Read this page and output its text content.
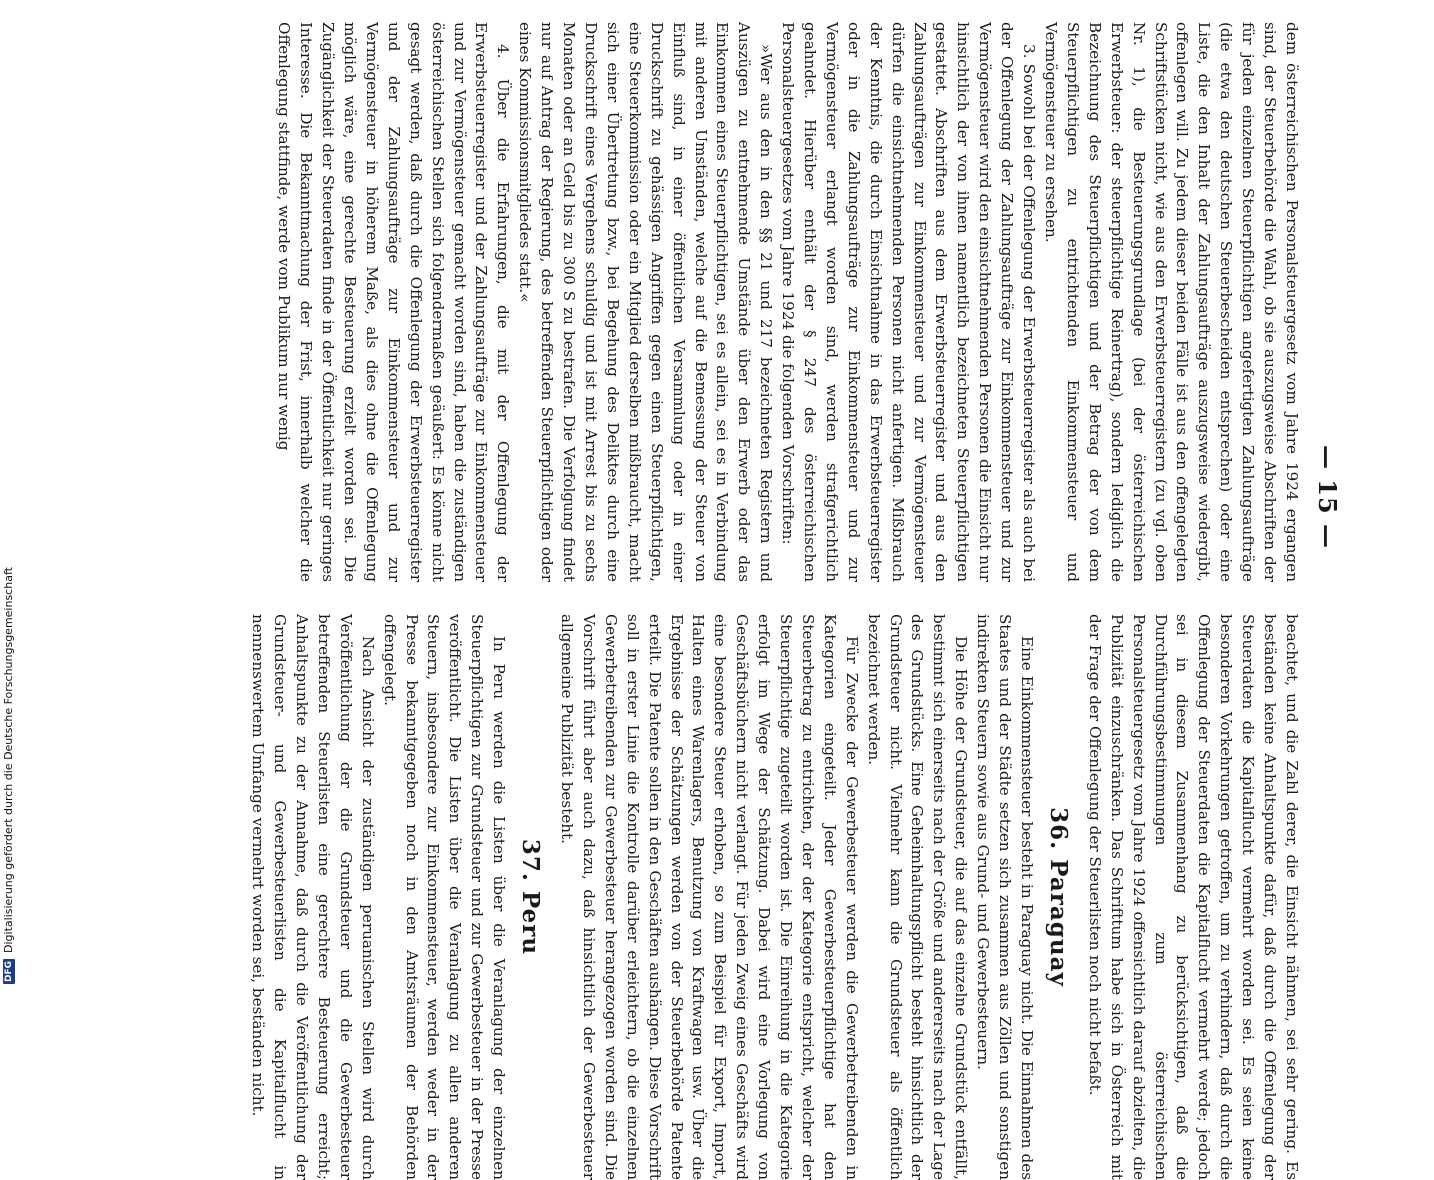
— 15 —

dem österreichischen Personalsteuergesetz vom Jahre 1924 ergangen sind, der Steuerbehörde die Wahl, ob sie auszugsweise Abschriften der für jeden einzelnen Steuerpflichtigen angefertigten Zahlungsaufträge (die etwa den deutschen Steuerbescheiden entsprechen) oder eine Liste, die den Inhalt der Zahlungsaufträge auszugsweise wiedergibt, offenlegen will. Zu jedem dieser beiden Fälle ist aus den offengelegten Schriftstücken nicht, wie aus den Erwerbsteuerregistern (zu vgl. oben Nr. 1), die Besteuerungsgrundlage (bei der österreichischen Erwerbsteuer: der steuerpflichtige Reinertrag), sondern lediglich die Bezeichnung des Steuerpflichtigen und der Betrag der von dem Steuerpflichtigen zu entrichtenden Einkommensteuer und Vermögensteuer zu ersehen.

3. Sowohl bei der Offenlegung der Erwerbsteuerregister als auch bei der Offenlegung der Zahlungsaufträge zur Einkommensteuer und zur Vermögensteuer wird den einsichtnehmenden Personen die Einsicht nur hinsichtlich der von ihnen namentlich bezeichneten Steuerpflichtigen gestattet. Abschriften aus dem Erwerbsteuerregister und aus den Zahlungsaufträgen zur Einkommensteuer und zur Vermögensteuer dürfen die einsichtnehmenden Personen nicht anfertigen. Mißbrauch der Kenntnis, die durch Einsichtnahme in das Erwerbsteuerregister oder in die Zahlungsaufträge zur Einkommensteuer und zur Vermögensteuer erlangt worden sind, werden strafgerichtlich geahndet. Hierüber enthält der § 247 des österreichischen Personalsteuergesetzes vom Jahre 1924 die folgenden Vorschriften:

»Wer aus den in den §§ 21 und 217 bezeichneten Registern und Auszügen zu entnehmende Umstände über den Erwerb oder das Einkommen eines Steuerpflichtigen, sei es allein, sei es in Verbindung mit anderen Umständen, welche auf die Bemessung der Steuer von Einfluß sind, in einer öffentlichen Versammlung oder in einer Druckschrift zu gehässigen Angriffen gegen einen Steuerpflichtigen, eine Steuerkommission oder ein Mitglied derselben mißbraucht, macht sich einer Übertretung bzw., bei Begehung des Deliktes durch eine Druckschrift eines Vergehens schuldig und ist mit Arrest bis zu sechs Monaten oder an Geld bis zu 300 S zu bestrafen. Die Verfolgung findet nur auf Antrag der Regierung, des betreffenden Steuerpflichtigen oder eines Kommissionsmitgliedes statt.«

4. Über die Erfahrungen, die mit der Offenlegung der Erwerbsteuerregister und der Zahlungsaufträge zur Einkommensteuer und zur Vermögensteuer gemacht worden sind, haben die zuständigen österreichischen Stellen sich folgendermaßen geäußert: Es könne nicht gesagt werden, daß durch die Offenlegung der Erwerbsteuerregister und der Zahlungsaufträge zur Einkommensteuer und zur Vermögensteuer in höherem Maße, als dies ohne die Offenlegung möglich wäre, eine gerechte Besteuerung erzielt worden sei. Die Zugänglichkeit der Steuerdaten finde in der Öffentlichkeit nur geringes Interesse. Die Bekanntmachung der Frist, innerhalb welcher die Offenlegung stattfinde, werde vom Publikum nur wenig

beachtet, und die Zahl derer, die Einsicht nähmen, sei sehr gering. Es beständen keine Anhaltspunkte dafür, daß durch die Offenlegung der Steuerdaten die Kapitalflucht vermehrt worden sei. Es seien keine besonderen Vorkehrungen getroffen, um zu verhindern, daß durch die Offenlegung der Steuerdaten die Kapitalflucht vermehrt werde; jedoch sei in diesem Zusammenhang zu berücksichtigen, daß die Durchführungsbestimmungen zum österreichischen Personalsteuergesetz vom Jahre 1924 offensichtlich darauf abzielten, die Publizität einzuschränken. Das Schrifttum habe sich in Österreich mit der Frage der Offenlegung der Steuerlisten noch nicht befaßt.

36. Paraguay

Eine Einkommensteuer besteht in Paraguay nicht. Die Einnahmen des Staates und der Städte setzen sich zusammen aus Zöllen und sonstigen indirekten Steuern sowie aus Grund- und Gewerbesteuern.

Die Höhe der Grundsteuer, die auf das einzelne Grundstück entfällt, bestimmt sich einerseits nach der Größe und andererseits nach der Lage des Grundstücks. Eine Geheimhaltungspflicht besteht hinsichtlich der Grundsteuer nicht. Vielmehr kann die Grundsteuer als öffentlich bezeichnet werden.

Für Zwecke der Gewerbesteuer werden die Gewerbetreibenden in Kategorien eingeteilt. Jeder Gewerbesteuerpflichtige hat den Steuerbetrag zu entrichten, der der Kategorie entspricht, welcher der Steuerpflichtige zugeteilt worden ist. Die Einreihung in die Kategorie erfolgt im Wege der Schätzung. Dabei wird eine Vorlegung von Geschäftsbüchern nicht verlangt. Für jeden Zweig eines Geschäfts wird eine besondere Steuer erhoben, so zum Beispiel für Export, Import, Halten eines Warenlagers, Benutzung von Kraftwagen usw. Über die Ergebnisse der Schätzungen werden von der Steuerbehörde Patente erteilt. Die Patente sollen in den Geschäften aushängen. Diese Vorschrift soll in erster Linie die Kontrolle darüber erleichtern, ob die einzelnen Gewerbetreibenden zur Gewerbesteuer herangezogen worden sind. Die Vorschrift führt aber auch dazu, daß hinsichtlich der Gewerbesteuer allgemeine Publizität besteht.

37. Peru

In Peru werden die Listen über die Veranlagung der einzelnen Steuerpflichtigen zur Grundsteuer und zur Gewerbesteuer in der Presse veröffentlicht. Die Listen über die Veranlagung zu allen anderen Steuern, insbesondere zur Einkommensteuer, werden weder in der Presse bekanntgegeben noch in den Amtsräumen der Behörden offengelegt.

Nach Ansicht der zuständigen peruanischen Stellen wird durch Veröffentlichung der die Grundsteuer und die Gewerbesteuer betreffenden Steuerlisten eine gerechtere Besteuerung erreicht; Anhaltspunkte zu der Annahme, daß durch die Veröffentlichung der Grundsteuer- und Gewerbesteuerlisten die Kapitalflucht in nennenswertem Umfange vermehrt worden sei, beständen nicht.

DFGDigitalisierung gefördert durch die Deutsche Forschungsgemeinschaft
